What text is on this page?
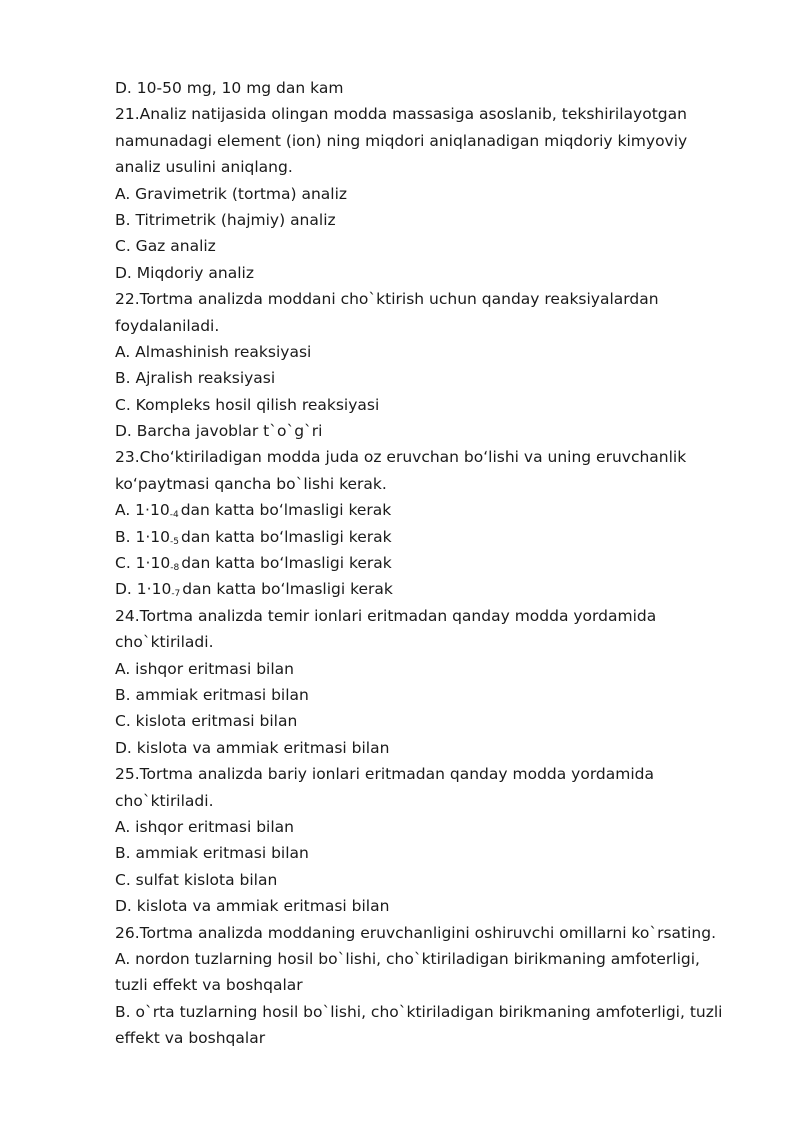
D. 10-50 mg, 10 mg dan kam
21.Analiz natijasida olingan modda massasiga asoslanib, tekshirilayotgan
namunadagi element (ion) ning miqdori aniqlanadigan miqdoriy kimyoviy
analiz usulini aniqlang.
A. Gravimetrik (tortma) analiz
B. Titrimetrik (hajmiy) analiz
C. Gaz analiz
D. Miqdoriy analiz
22.Tortma analizda moddani cho`ktirish uchun qanday reaksiyalardan
foydalaniladi.
A. Almashinish reaksiyasi
B. Ajralish reaksiyasi
C. Kompleks hosil qilish reaksiyasi
D. Barcha javoblar t`o`g`ri
23.Choʻktiriladigan modda juda oz eruvchan boʻlishi va uning eruvchanlik
koʻpaytmasi qancha bo`lishi kerak.
A. $1\cdot 10_{-4}$ dan katta boʻlmasligi kerak
B. $1\cdot 10_{-5}$ dan katta boʻlmasligi kerak
C. $1\cdot 10_{-8}$ dan katta boʻlmasligi kerak
D. $1\cdot 10_{-7}$ dan katta boʻlmasligi kerak
24.Tortma analizda temir ionlari eritmadan qanday modda yordamida
cho`ktiriladi.
A. ishqor eritmasi bilan
B. ammiak eritmasi bilan
C. kislota eritmasi bilan
D. kislota va ammiak eritmasi bilan
25.Tortma analizda bariy ionlari eritmadan qanday modda yordamida
cho`ktiriladi.
A. ishqor eritmasi bilan
B. ammiak eritmasi bilan
C. sulfat kislota bilan
D. kislota va ammiak eritmasi bilan
26.Tortma analizda moddaning eruvchanligini oshiruvchi omillarni ko`rsating.
A. nordon tuzlarning hosil bo`lishi, cho`ktiriladigan birikmaning amfoterligi,
tuzli effekt va boshqalar
B. o`rta tuzlarning hosil bo`lishi, cho`ktiriladigan birikmaning amfoterligi, tuzli
effekt va boshqalar
